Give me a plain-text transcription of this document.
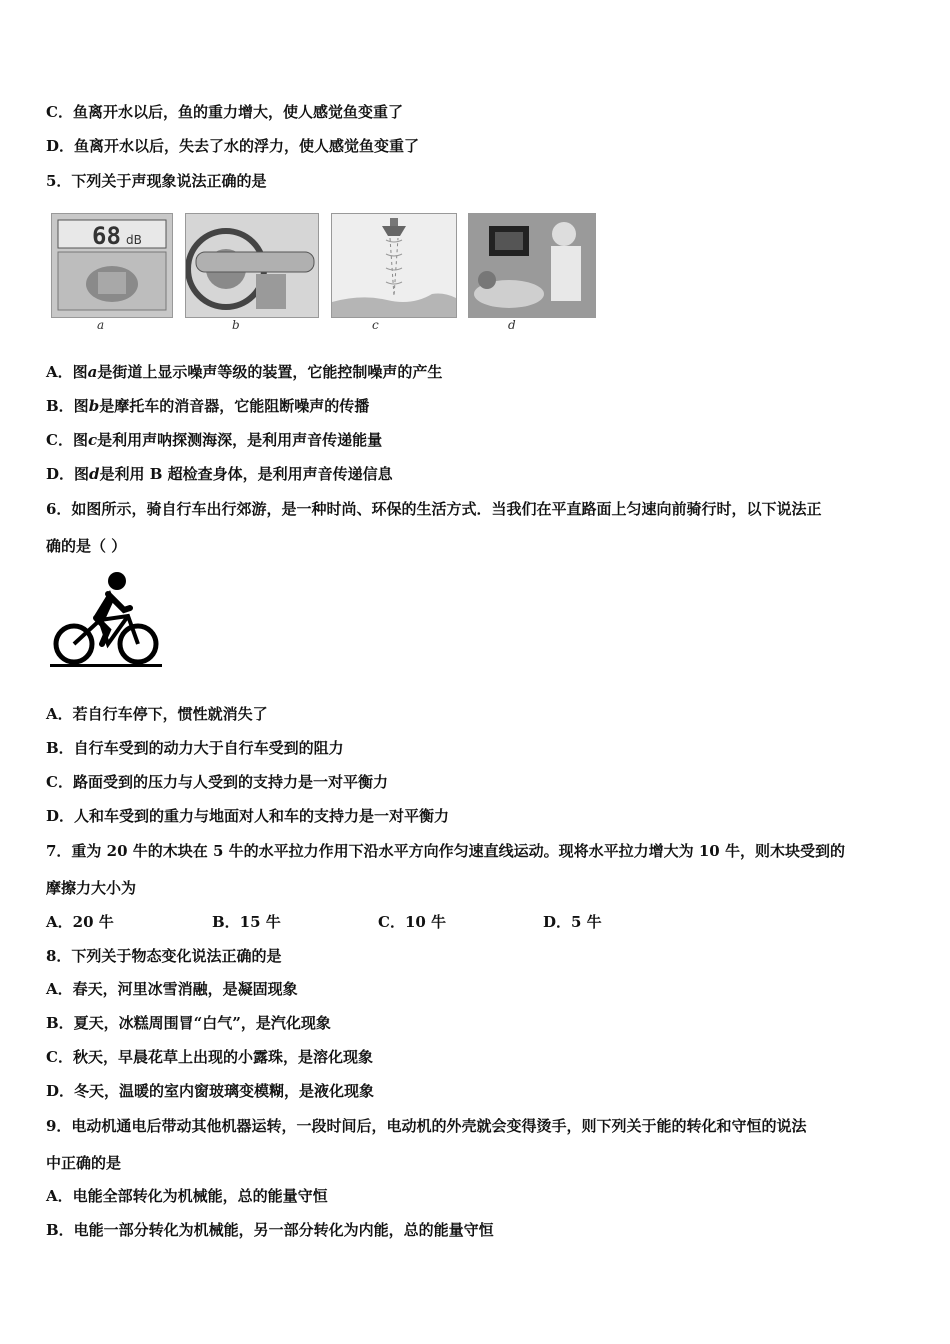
C．鱼离开水以后，鱼的重力增大，使人感觉鱼变重了
D．鱼离开水以后，失去了水的浮力，使人感觉鱼变重了
5．下列关于声现象说法正确的是
68 dB
a	b	c	d
A．图a是街道上显示噪声等级的装置，它能控制噪声的产生
B．图b是摩托车的消音器，它能阻断噪声的传播
C．图c是利用声呐探测海深，是利用声音传递能量
D．图d是利用 B 超检查身体，是利用声音传递信息
6．如图所示，骑自行车出行郊游，是一种时尚、环保的生活方式．当我们在平直路面上匀速向前骑行时，以下说法正
确的是（ ）
A．若自行车停下，惯性就消失了
B．自行车受到的动力大于自行车受到的阻力
C．路面受到的压力与人受到的支持力是一对平衡力
D．人和车受到的重力与地面对人和车的支持力是一对平衡力
7．重为 20 牛的木块在 5 牛的水平拉力作用下沿水平方向作匀速直线运动。现将水平拉力增大为 10 牛，则木块受到的
摩擦力大小为
A．20 牛	B．15 牛	C．10 牛	D．5 牛
8．下列关于物态变化说法正确的是
A．春天，河里冰雪消融，是凝固现象
B．夏天，冰糕周围冒“白气”，是汽化现象
C．秋天，早晨花草上出现的小露珠，是溶化现象
D．冬天，温暖的室内窗玻璃变模糊，是液化现象
9．电动机通电后带动其他机器运转，一段时间后，电动机的外壳就会变得烫手，则下列关于能的转化和守恒的说法
中正确的是
A．电能全部转化为机械能，总的能量守恒
B．电能一部分转化为机械能，另一部分转化为内能，总的能量守恒
